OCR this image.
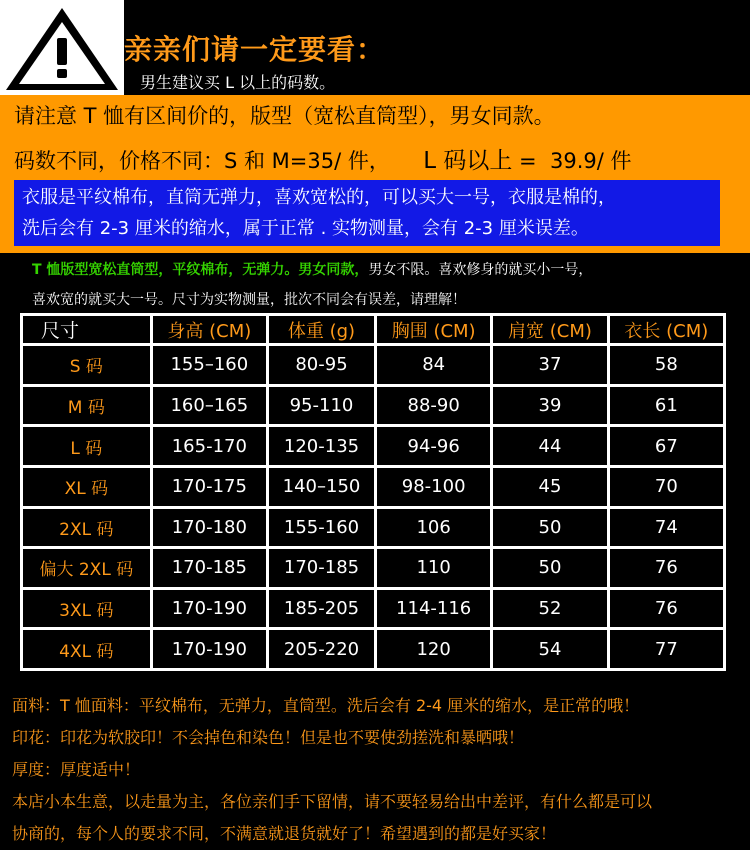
亲亲们请一定要看：
男生建议买 L 以上的码数。
请注意 T 恤有区间价的，版型（宽松直筒型），男女同款。
码数不同，价格不同：S 和 M=35/ 件，     L 码以上 =  39.9/ 件
衣服是平纹棉布，直筒无弹力，喜欢宽松的，可以买大一号，衣服是棉的，
洗后会有 2-3 厘米的缩水，属于正常 . 实物测量，会有 2-3 厘米误差。
T 恤版型宽松直筒型，平纹棉布，无弹力。男女同款，男女不限。喜欢修身的就买小一号，
喜欢宽的就买大一号。尺寸为实物测量，批次不同会有误差，请理解！
尺寸	身高 (CM)	体重 (g)	胸围 (CM)	肩宽 (CM)	衣长 (CM)
S 码	155–160	80-95	84	37	58
M 码	160–165	95-110	88-90	39	61
L 码	165-170	120-135	94-96	44	67
XL 码	170-175	140–150	98-100	45	70
2XL 码	170-180	155-160	106	50	74
偏大 2XL 码	170-185	170-185	110	50	76
3XL 码	170-190	185-205	114-116	52	76
4XL 码	170-190	205-220	120	54	77
面料：T 恤面料：平纹棉布，无弹力，直筒型。洗后会有 2-4 厘米的缩水，是正常的哦！
印花：印花为软胶印！不会掉色和染色！但是也不要使劲搓洗和暴晒哦！
厚度：厚度适中！
本店小本生意，以走量为主，各位亲们手下留情，请不要轻易给出中差评，有什么都是可以
协商的，每个人的要求不同，不满意就退货就好了！希望遇到的都是好买家！
